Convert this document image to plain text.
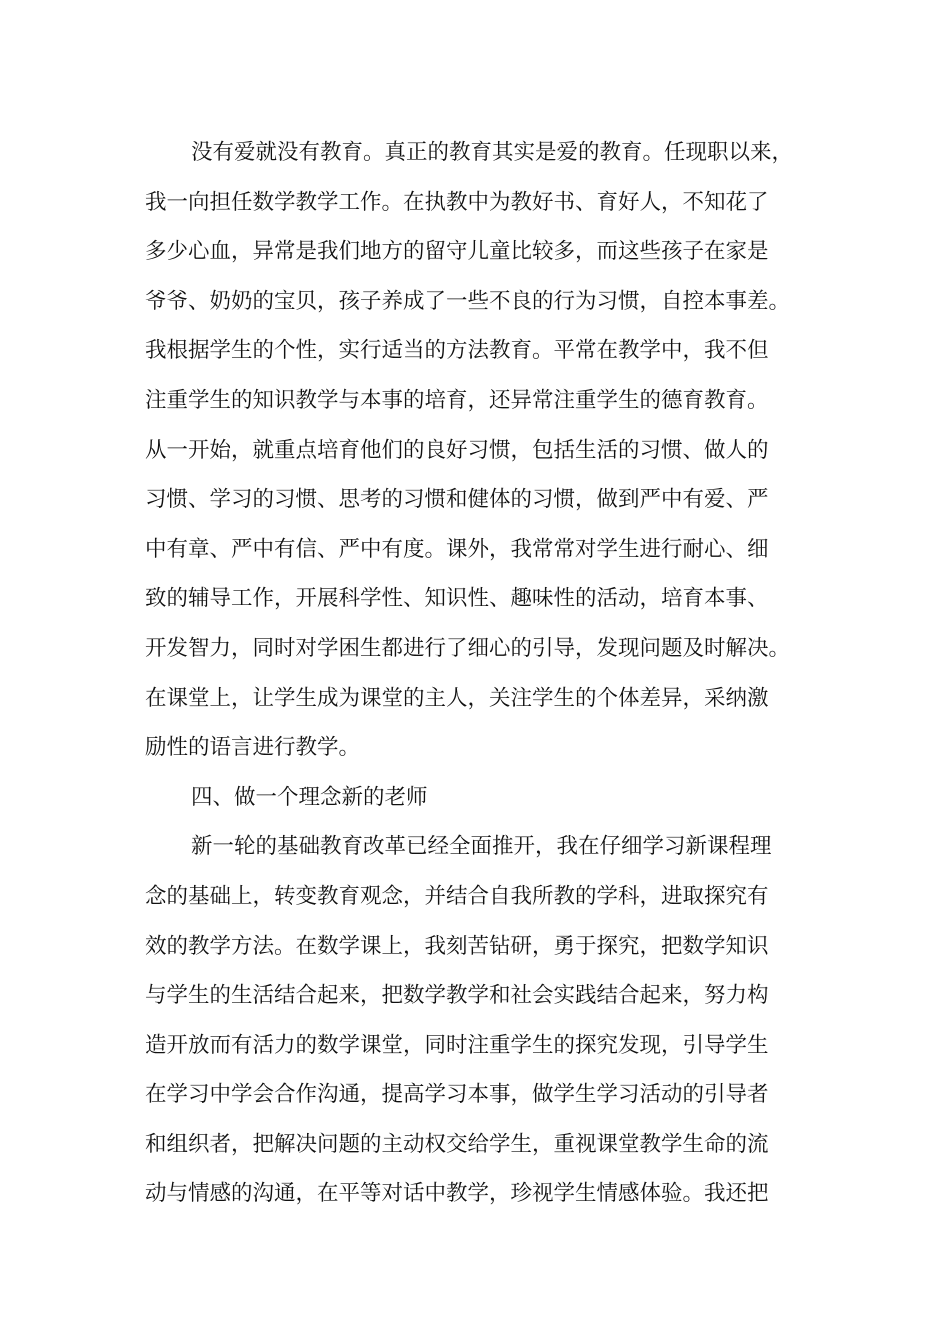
没有爱就没有教育。真正的教育其实是爱的教育。任现职以来，
我一向担任数学教学工作。在执教中为教好书、育好人，不知花了
多少心血，异常是我们地方的留守儿童比较多，而这些孩子在家是
爷爷、奶奶的宝贝，孩子养成了一些不良的行为习惯，自控本事差。
我根据学生的个性，实行适当的方法教育。平常在教学中，我不但
注重学生的知识教学与本事的培育，还异常注重学生的德育教育。
从一开始，就重点培育他们的良好习惯，包括生活的习惯、做人的
习惯、学习的习惯、思考的习惯和健体的习惯，做到严中有爱、严
中有章、严中有信、严中有度。课外，我常常对学生进行耐心、细
致的辅导工作，开展科学性、知识性、趣味性的活动，培育本事、
开发智力，同时对学困生都进行了细心的引导，发现问题及时解决。
在课堂上，让学生成为课堂的主人，关注学生的个体差异，采纳激
励性的语言进行教学。
四、做一个理念新的老师
新一轮的基础教育改革已经全面推开，我在仔细学习新课程理
念的基础上，转变教育观念，并结合自我所教的学科，进取探究有
效的教学方法。在数学课上，我刻苦钻研，勇于探究，把数学知识
与学生的生活结合起来，把数学教学和社会实践结合起来，努力构
造开放而有活力的数学课堂，同时注重学生的探究发现，引导学生
在学习中学会合作沟通，提高学习本事，做学生学习活动的引导者
和组织者，把解决问题的主动权交给学生，重视课堂教学生命的流
动与情感的沟通，在平等对话中教学，珍视学生情感体验。我还把
